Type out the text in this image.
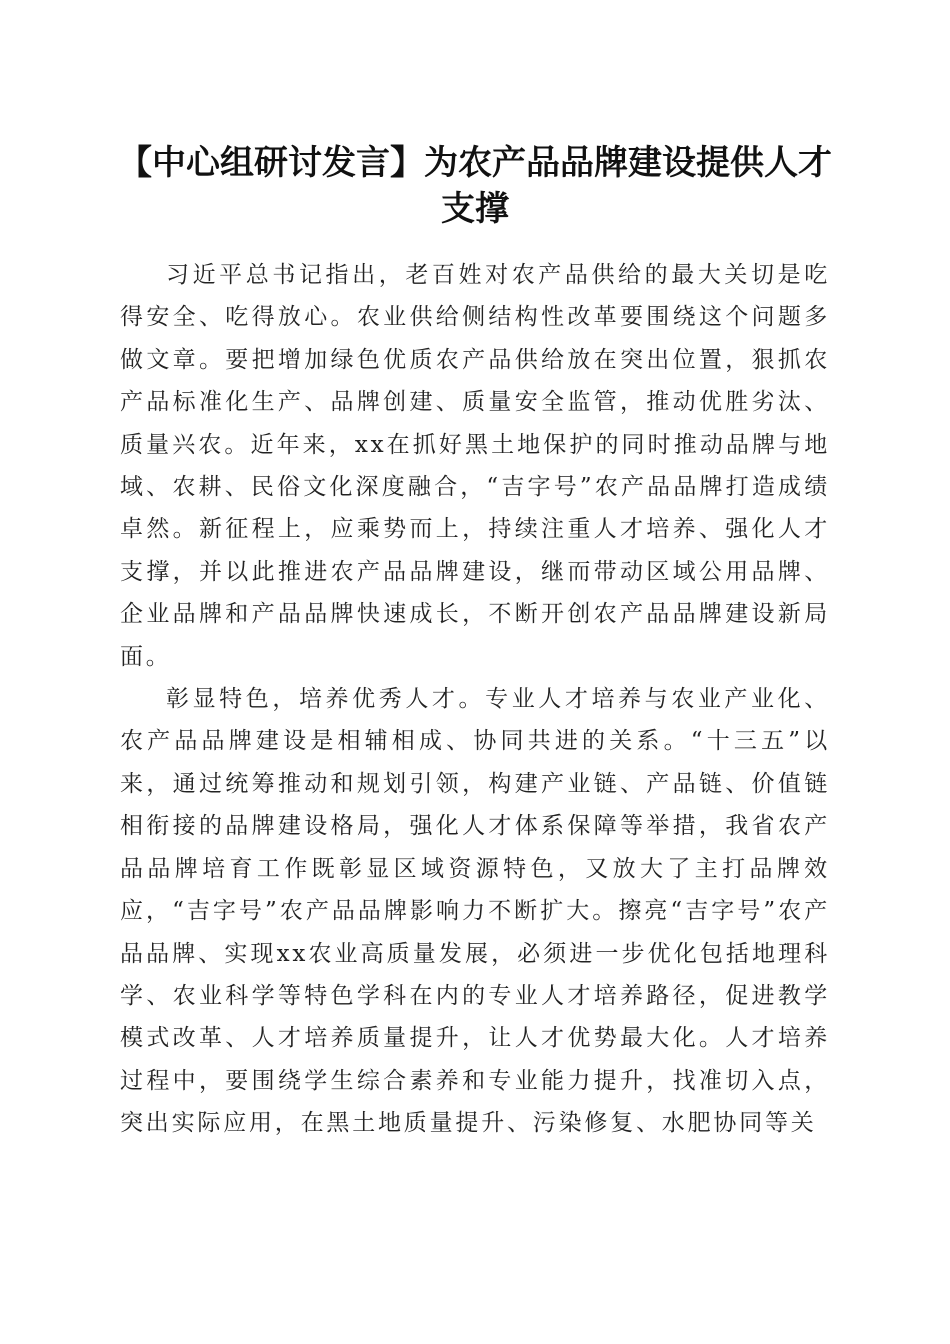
【中心组研讨发言】为农产品品牌建设提供人才支撑

习近平总书记指出，老百姓对农产品供给的最大关切是吃得安全、吃得放心。农业供给侧结构性改革要围绕这个问题多做文章。要把增加绿色优质农产品供给放在突出位置，狠抓农产品标准化生产、品牌创建、质量安全监管，推动优胜劣汰、质量兴农。近年来，xx在抓好黑土地保护的同时推动品牌与地域、农耕、民俗文化深度融合，“吉字号”农产品品牌打造成绩卓然。新征程上，应乘势而上，持续注重人才培养、强化人才支撑，并以此推进农产品品牌建设，继而带动区域公用品牌、企业品牌和产品品牌快速成长，不断开创农产品品牌建设新局面。

彰显特色，培养优秀人才。专业人才培养与农业产业化、农产品品牌建设是相辅相成、协同共进的关系。“十三五”以来，通过统筹推动和规划引领，构建产业链、产品链、价值链相衔接的品牌建设格局，强化人才体系保障等举措，我省农产品品牌培育工作既彰显区域资源特色，又放大了主打品牌效应，“吉字号”农产品品牌影响力不断扩大。擦亮“吉字号”农产品品牌、实现xx农业高质量发展，必须进一步优化包括地理科学、农业科学等特色学科在内的专业人才培养路径，促进教学模式改革、人才培养质量提升，让人才优势最大化。人才培养过程中，要围绕学生综合素养和专业能力提升，找准切入点，突出实际应用，在黑土地质量提升、污染修复、水肥协同等关
